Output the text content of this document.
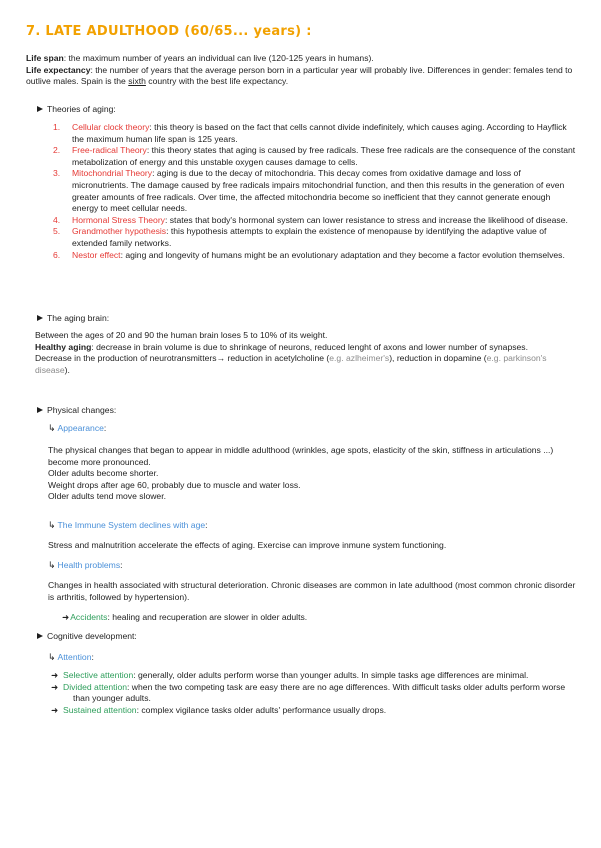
7. LATE ADULTHOOD (60/65... years) :

Life span: the maximum number of years an individual can live (120-125 years in humans).

Life expectancy: the number of years that the average person born in a particular year will probably live. Differences in gender: females tend to outlive males. Spain is the sixth country with the best life expectancy.

Theories of aging:
1. Cellular clock theory: this theory is based on the fact that cells cannot divide indefinitely, which causes aging. According to Hayflick the maximum human life span is 125 years.
2. Free-radical Theory: this theory states that aging is caused by free radicals. These free radicals are the consequence of the constant metabolization of energy and this unstable oxygen causes damage to cells.
3. Mitochondrial Theory: aging is due to the decay of mitochondria. This decay comes from oxidative damage and loss of micronutrients. The damage caused by free radicals impairs mitochondrial function, and then this results in the generation of even greater amounts of free radicals. Over time, the affected mitochondria become so inefficient that they cannot generate enough energy to meet cellular needs.
4. Hormonal Stress Theory: states that body's hormonal system can lower resistance to stress and increase the likelihood of disease.
5. Grandmother hypothesis: this hypothesis attempts to explain the existence of menopause by identifying the adaptive value of extended family networks.
6. Nestor effect: aging and longevity of humans might be an evolutionary adaptation and they become a factor evolution themselves.
The aging brain:

Between the ages of 20 and 90 the human brain loses 5 to 10% of its weight.

Healthy aging: decrease in brain volume is due to shrinkage of neurons, reduced lenght of axons and lower number of synapses.

Decrease in the production of neurotransmitters→ reduction in acetylcholine (e.g. azlheimer's), reduction in dopamine (e.g. parkinson's disease).

Physical changes:
↳ Appearance:

The physical changes that began to appear in middle adulthood (wrinkles, age spots, elasticity of the skin, stiffness in articulations ...) become more pronounced.

Older adults become shorter.

Weight drops after age 60, probably due to muscle and water loss.

Older adults tend move slower.

↳ The Immune System declines with age:
Stress and malnutrition accelerate the effects of aging. Exercise can improve inmune system functioning.
↳ Health problems:
Changes in health associated with structural deterioration. Chronic diseases are common in late adulthood (most common chronic disorder is arthritis, followed by hypertension).
➜Accidents: healing and recuperation are slower in older adults.
Cognitive development:
↳ Attention:

➜ Selective attention: generally, older adults perform worse than younger adults. In simple tasks age differences are minimal.

➜ Divided attention: when the two competing task are easy there are no age differences. With difficult tasks older adults perform worse than younger adults.

➜ Sustained attention: complex vigilance tasks older adults' performance usually drops.
